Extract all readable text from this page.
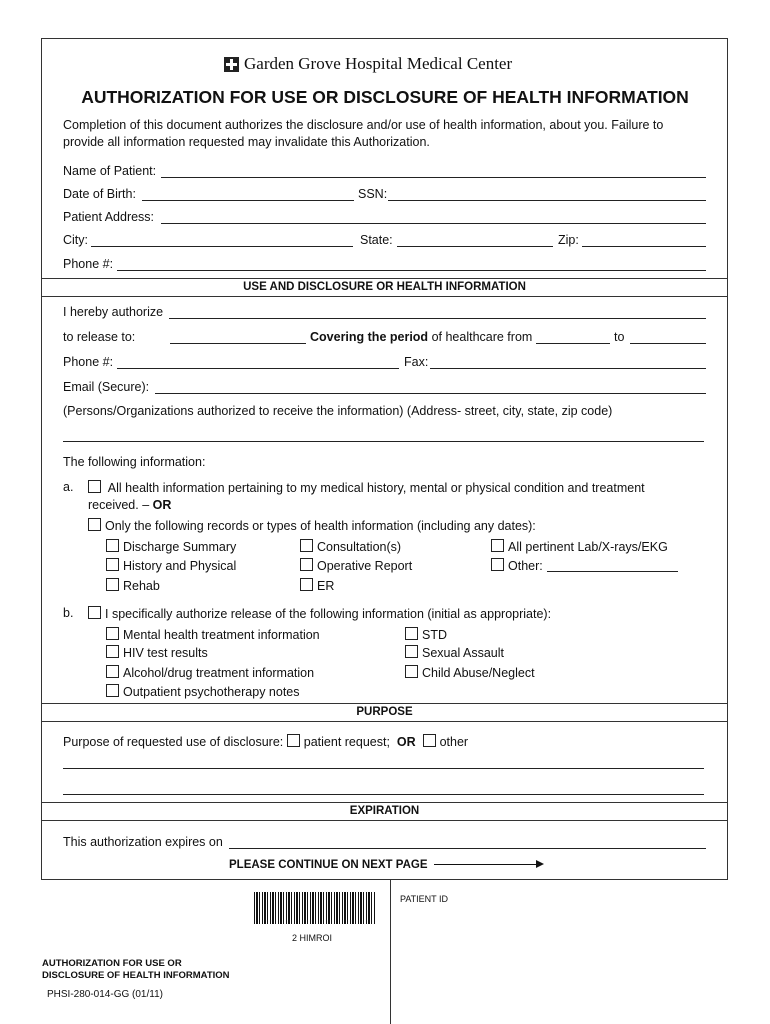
Garden Grove Hospital Medical Center
AUTHORIZATION FOR USE OR DISCLOSURE OF HEALTH INFORMATION
Completion of this document authorizes the disclosure and/or use of health information, about you. Failure to
provide all information requested may invalidate this Authorization.
Name of Patient:
Date of Birth:	SSN:
Patient Address:
City:	State:	Zip:
Phone #:
USE AND DISCLOSURE OR HEALTH INFORMATION
I hereby authorize
to release to:	Covering the period of healthcare from	to
Phone #:	Fax:
Email (Secure):
(Persons/Organizations authorized to receive the information) (Address- street, city, state, zip code)
The following information:
a.	All health information pertaining to my medical history, mental or physical condition and treatment
received. – OR
Only the following records or types of health information (including any dates):
Discharge Summary	Consultation(s)	All pertinent Lab/X-rays/EKG
History and Physical	Operative Report	Other:
Rehab	ER
b.	I specifically authorize release of the following information (initial as appropriate):
Mental health treatment information	STD
HIV test results	Sexual Assault
Alcohol/drug treatment information	Child Abuse/Neglect
Outpatient psychotherapy notes
PURPOSE
Purpose of requested use of disclosure: patient request; OR other
EXPIRATION
This authorization expires on
PLEASE CONTINUE ON NEXT PAGE
2 HIMROI
PATIENT ID
AUTHORIZATION FOR USE OR
DISCLOSURE OF HEALTH INFORMATION
PHSI-280-014-GG (01/11)
